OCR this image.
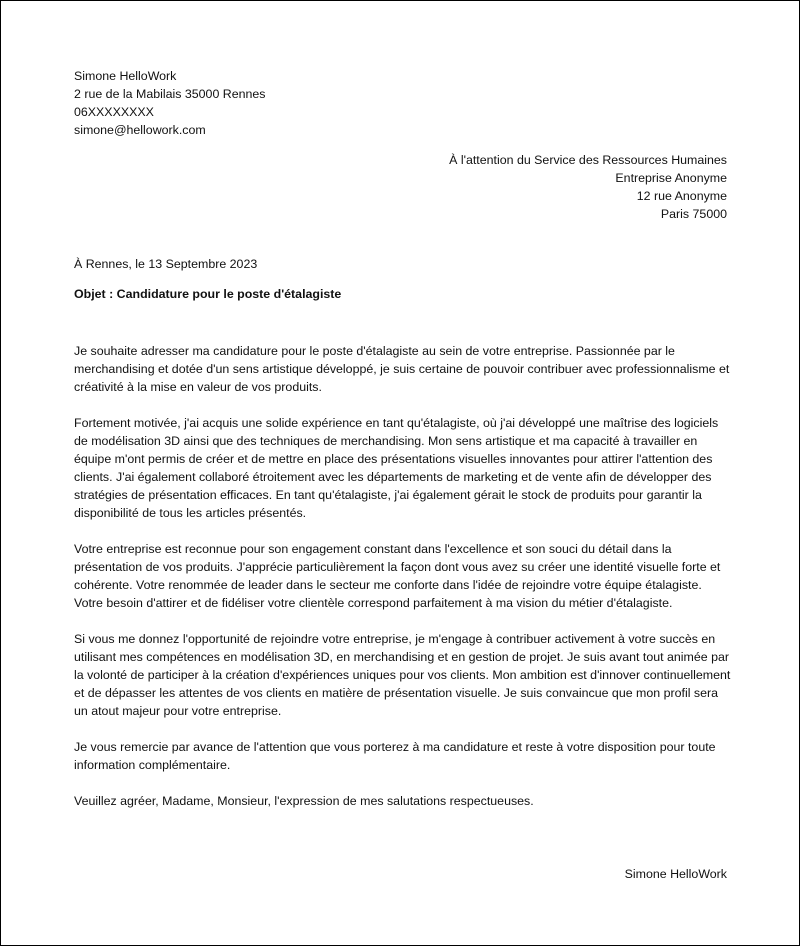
Simone HelloWork
2 rue de la Mabilais 35000 Rennes
06XXXXXXXX
simone@hellowork.com
À l'attention du Service des Ressources Humaines
Entreprise Anonyme
12 rue Anonyme
Paris 75000
À Rennes, le 13 Septembre 2023
Objet : Candidature pour le poste d'étalagiste

Je souhaite adresser ma candidature pour le poste d'étalagiste au sein de votre entreprise. Passionnée par le merchandising et dotée d'un sens artistique développé, je suis certaine de pouvoir contribuer avec professionnalisme et créativité à la mise en valeur de vos produits.

Fortement motivée, j'ai acquis une solide expérience en tant qu'étalagiste, où j'ai développé une maîtrise des logiciels de modélisation 3D ainsi que des techniques de merchandising. Mon sens artistique et ma capacité à travailler en équipe m'ont permis de créer et de mettre en place des présentations visuelles innovantes pour attirer l'attention des clients. J'ai également collaboré étroitement avec les départements de marketing et de vente afin de développer des stratégies de présentation efficaces. En tant qu'étalagiste, j'ai également gérait le stock de produits pour garantir la disponibilité de tous les articles présentés.

Votre entreprise est reconnue pour son engagement constant dans l'excellence et son souci du détail dans la présentation de vos produits. J'apprécie particulièrement la façon dont vous avez su créer une identité visuelle forte et cohérente. Votre renommée de leader dans le secteur me conforte dans l'idée de rejoindre votre équipe étalagiste. Votre besoin d'attirer et de fidéliser votre clientèle correspond parfaitement à ma vision du métier d'étalagiste.

Si vous me donnez l'opportunité de rejoindre votre entreprise, je m'engage à contribuer activement à votre succès en utilisant mes compétences en modélisation 3D, en merchandising et en gestion de projet. Je suis avant tout animée par la volonté de participer à la création d'expériences uniques pour vos clients. Mon ambition est d'innover continuellement et de dépasser les attentes de vos clients en matière de présentation visuelle. Je suis convaincue que mon profil sera un atout majeur pour votre entreprise.

Je vous remercie par avance de l'attention que vous porterez à ma candidature et reste à votre disposition pour toute information complémentaire.

Veuillez agréer, Madame, Monsieur, l'expression de mes salutations respectueuses.

Simone HelloWork
